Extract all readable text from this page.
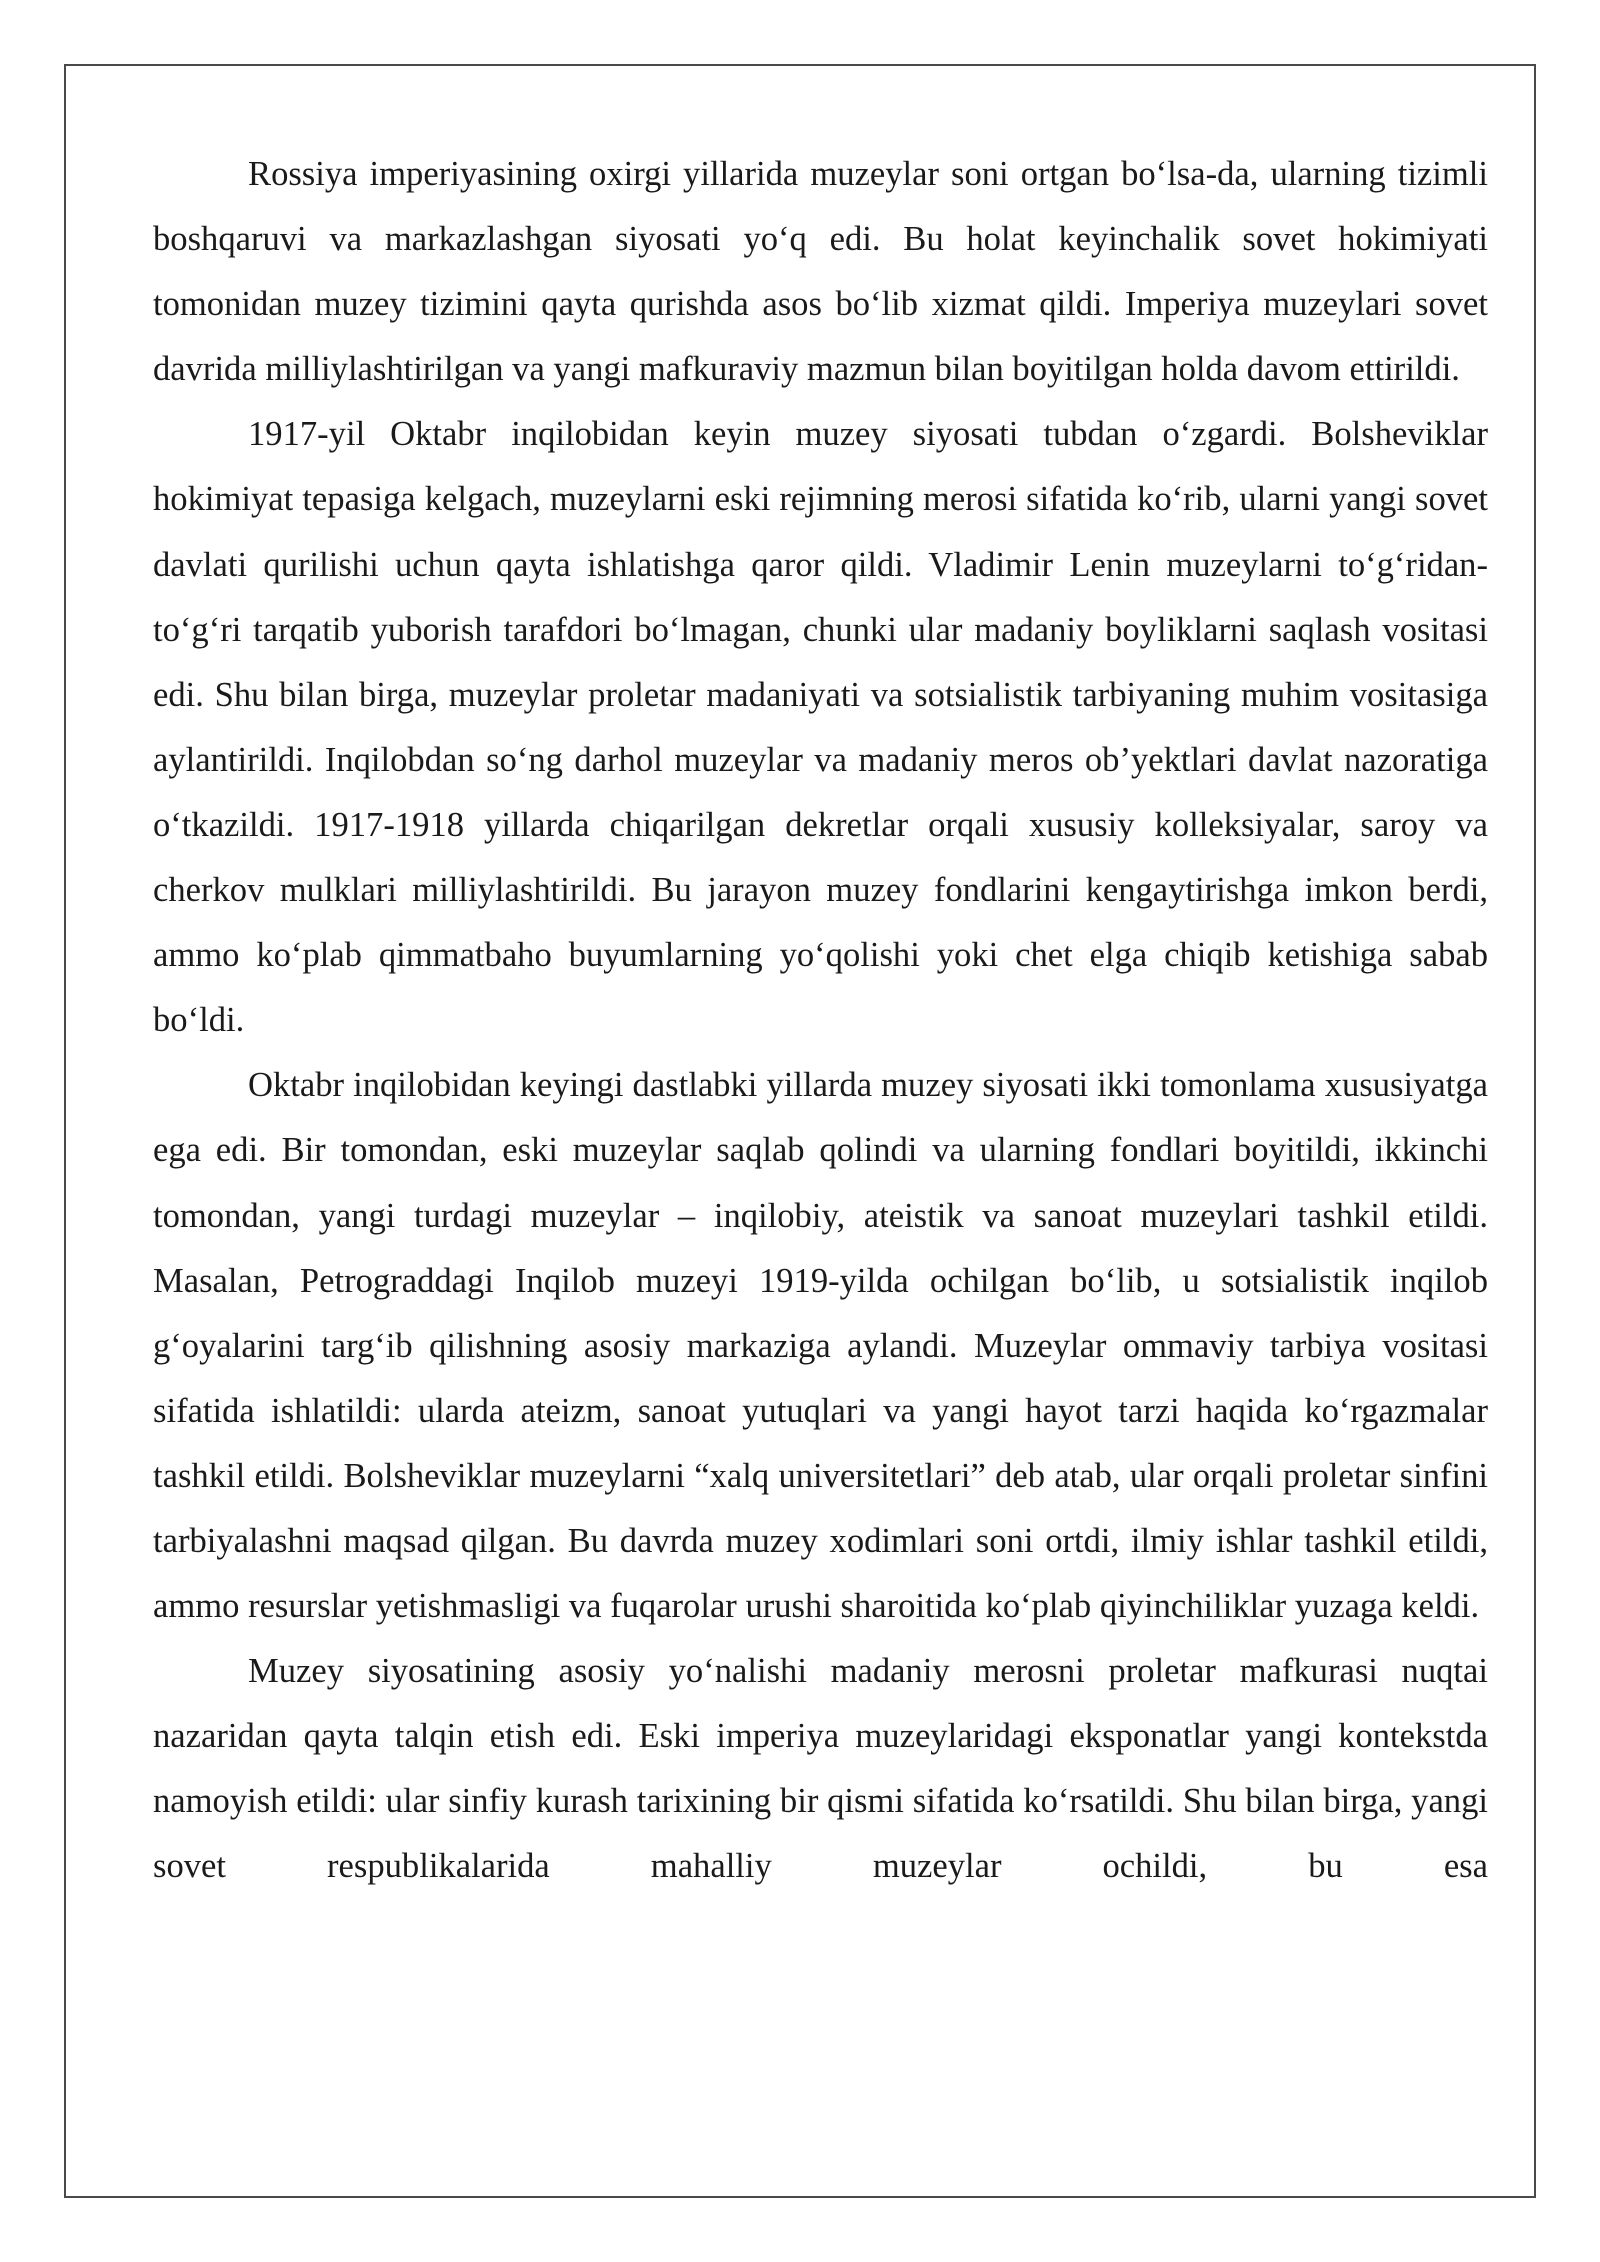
Rossiya imperiyasining oxirgi yillarida muzeylar soni ortgan bo‘lsa-da, ularning tizimli boshqaruvi va markazlashgan siyosati yo‘q edi. Bu holat keyinchalik sovet hokimiyati tomonidan muzey tizimini qayta qurishda asos bo‘lib xizmat qildi. Imperiya muzeylari sovet davrida milliylashtirilgan va yangi mafkuraviy mazmun bilan boyitilgan holda davom ettirildi.

1917-yil Oktabr inqilobidan keyin muzey siyosati tubdan o‘zgardi. Bolsheviklar hokimiyat tepasiga kelgach, muzeylarni eski rejimning merosi sifatida ko‘rib, ularni yangi sovet davlati qurilishi uchun qayta ishlatishga qaror qildi. Vladimir Lenin muzeylarni to‘g‘ridan-to‘g‘ri tarqatib yuborish tarafdori bo‘lmagan, chunki ular madaniy boyliklarni saqlash vositasi edi. Shu bilan birga, muzeylar proletar madaniyati va sotsialistik tarbiyaning muhim vositasiga aylantirildi. Inqilobdan so‘ng darhol muzeylar va madaniy meros ob’yektlari davlat nazoratiga o‘tkazildi. 1917-1918 yillarda chiqarilgan dekretlar orqali xususiy kolleksiyalar, saroy va cherkov mulklari milliylashtirildi. Bu jarayon muzey fondlarini kengaytirishga imkon berdi, ammo ko‘plab qimmatbaho buyumlarning yo‘qolishi yoki chet elga chiqib ketishiga sabab bo‘ldi.

Oktabr inqilobidan keyingi dastlabki yillarda muzey siyosati ikki tomonlama xususiyatga ega edi. Bir tomondan, eski muzeylar saqlab qolindi va ularning fondlari boyitildi, ikkinchi tomondan, yangi turdagi muzeylar – inqilobiy, ateistik va sanoat muzeylari tashkil etildi. Masalan, Petrograddagi Inqilob muzeyi 1919-yilda ochilgan bo‘lib, u sotsialistik inqilob g‘oyalarini targ‘ib qilishning asosiy markaziga aylandi. Muzeylar ommaviy tarbiya vositasi sifatida ishlatildi: ularda ateizm, sanoat yutuqlari va yangi hayot tarzi haqida ko‘rgazmalar tashkil etildi. Bolsheviklar muzeylarni “xalq universitetlari” deb atab, ular orqali proletar sinfini tarbiyalashni maqsad qilgan. Bu davrda muzey xodimlari soni ortdi, ilmiy ishlar tashkil etildi, ammo resurslar yetishmasligi va fuqarolar urushi sharoitida ko‘plab qiyinchiliklar yuzaga keldi.

Muzey siyosatining asosiy yo‘nalishi madaniy merosni proletar mafkurasi nuqtai nazaridan qayta talqin etish edi. Eski imperiya muzeylaridagi eksponatlar yangi kontekstda namoyish etildi: ular sinfiy kurash tarixining bir qismi sifatida ko‘rsatildi. Shu bilan birga, yangi sovet respublikalarida mahalliy muzeylar ochildi, bu esa
